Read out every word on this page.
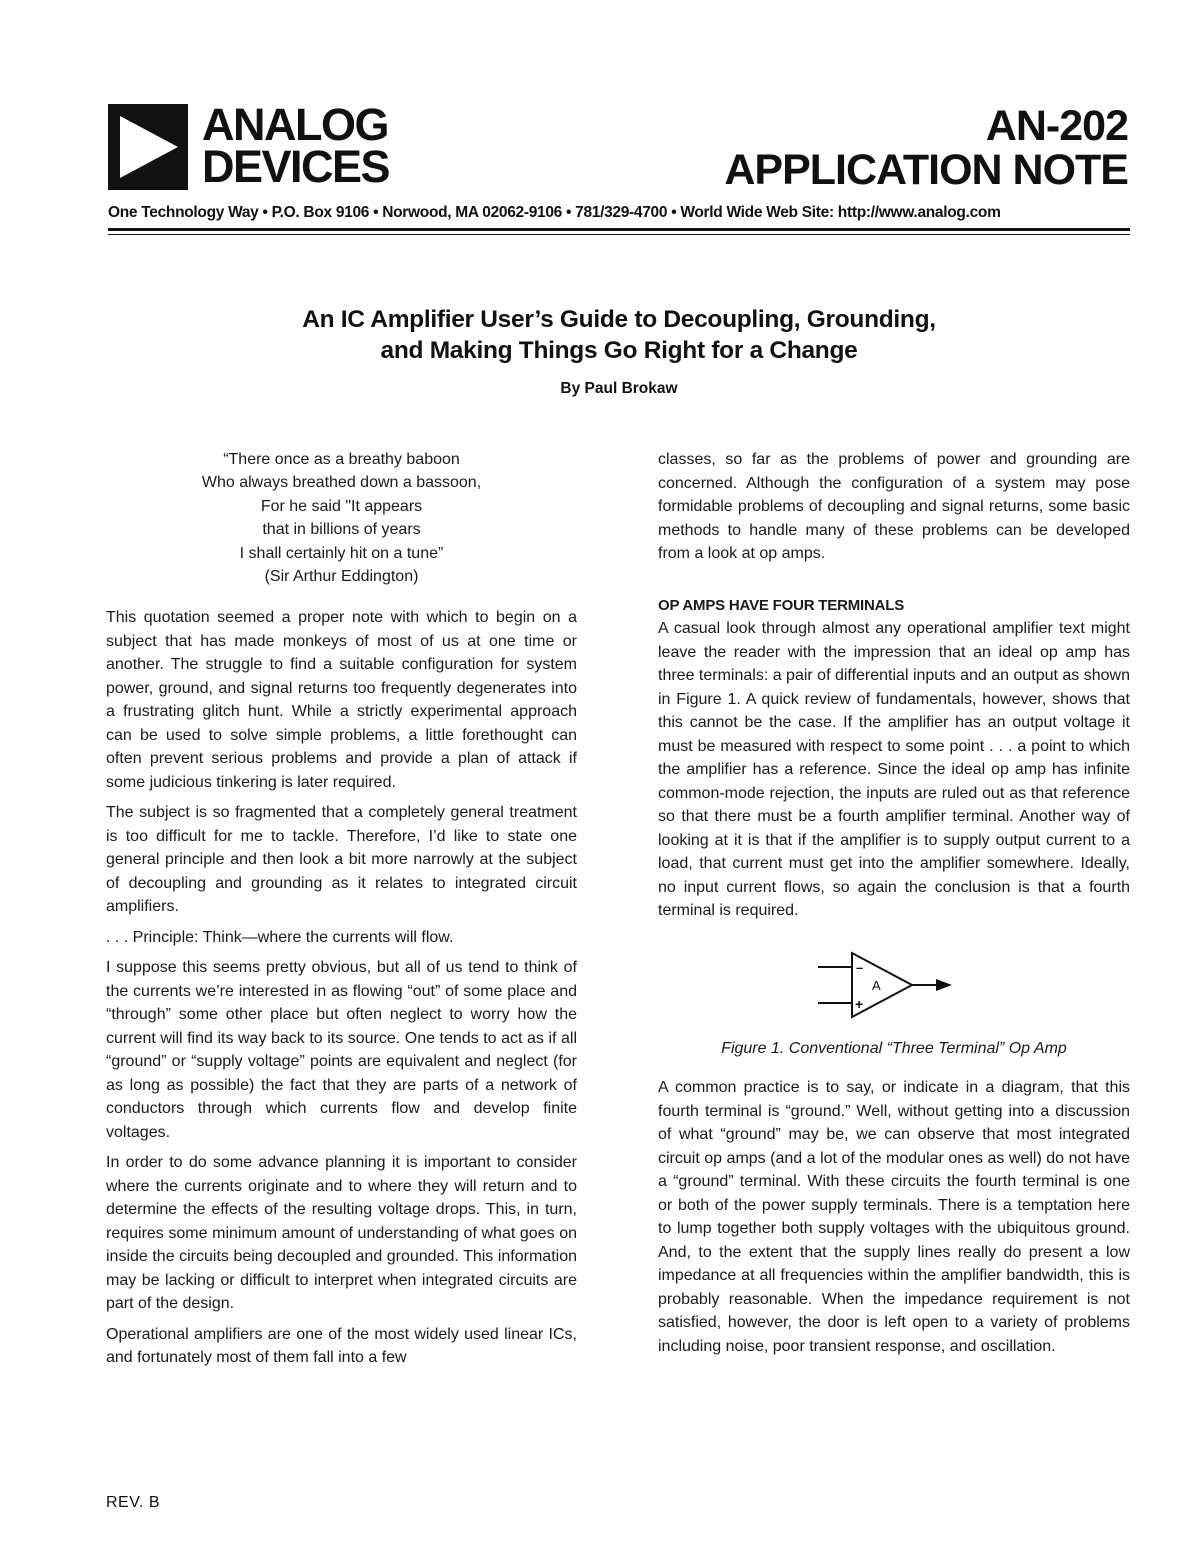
ANALOG
DEVICES
AN-202
APPLICATION NOTE
One Technology Way • P.O. Box 9106 • Norwood, MA 02062-9106 • 781/329-4700 • World Wide Web Site: http://www.analog.com
An IC Amplifier User’s Guide to Decoupling, Grounding,
and Making Things Go Right for a Change
By Paul Brokaw
“There once as a breathy baboon
Who always breathed down a bassoon,
For he said "It appears
that in billions of years
I shall certainly hit on a tune”
(Sir Arthur Eddington)

This quotation seemed a proper note with which to begin on a subject that has made monkeys of most of us at one time or another. The struggle to find a suitable configuration for system power, ground, and signal returns too frequently degenerates into a frustrating glitch hunt. While a strictly experimental approach can be used to solve simple problems, a little forethought can often prevent serious problems and provide a plan of attack if some judicious tinkering is later required.

The subject is so fragmented that a completely general treatment is too difficult for me to tackle. Therefore, I’d like to state one general principle and then look a bit more narrowly at the subject of decoupling and grounding as it relates to integrated circuit amplifiers.

. . . Principle: Think—where the currents will flow.

I suppose this seems pretty obvious, but all of us tend to think of the currents we’re interested in as flowing “out” of some place and “through” some other place but often neglect to worry how the current will find its way back to its source. One tends to act as if all “ground” or “supply voltage” points are equivalent and neglect (for as long as possible) the fact that they are parts of a network of conductors through which currents flow and develop finite voltages.

In order to do some advance planning it is important to consider where the currents originate and to where they will return and to determine the effects of the resulting voltage drops. This, in turn, requires some minimum amount of understanding of what goes on inside the circuits being decoupled and grounded. This information may be lacking or difficult to interpret when integrated circuits are part of the design.

Operational amplifiers are one of the most widely used linear ICs, and fortunately most of them fall into a few

classes, so far as the problems of power and grounding are concerned. Although the configuration of a system may pose formidable problems of decoupling and signal returns, some basic methods to handle many of these problems can be developed from a look at op amps.

OP AMPS HAVE FOUR TERMINALS

A casual look through almost any operational amplifier text might leave the reader with the impression that an ideal op amp has three terminals: a pair of differential inputs and an output as shown in Figure 1. A quick review of fundamentals, however, shows that this cannot be the case. If the amplifier has an output voltage it must be measured with respect to some point . . . a point to which the amplifier has a reference. Since the ideal op amp has infinite common-mode rejection, the inputs are ruled out as that reference so that there must be a fourth amplifier terminal. Another way of looking at it is that if the amplifier is to supply output current to a load, that current must get into the amplifier somewhere. Ideally, no input current flows, so again the conclusion is that a fourth terminal is required.

A
–
+
Figure 1. Conventional “Three Terminal” Op Amp

A common practice is to say, or indicate in a diagram, that this fourth terminal is “ground.” Well, without getting into a discussion of what “ground” may be, we can observe that most integrated circuit op amps (and a lot of the modular ones as well) do not have a “ground” terminal. With these circuits the fourth terminal is one or both of the power supply terminals. There is a temptation here to lump together both supply voltages with the ubiquitous ground. And, to the extent that the supply lines really do present a low impedance at all frequencies within the amplifier bandwidth, this is probably reasonable. When the impedance requirement is not satisfied, however, the door is left open to a variety of problems including noise, poor transient response, and oscillation.

REV. B
